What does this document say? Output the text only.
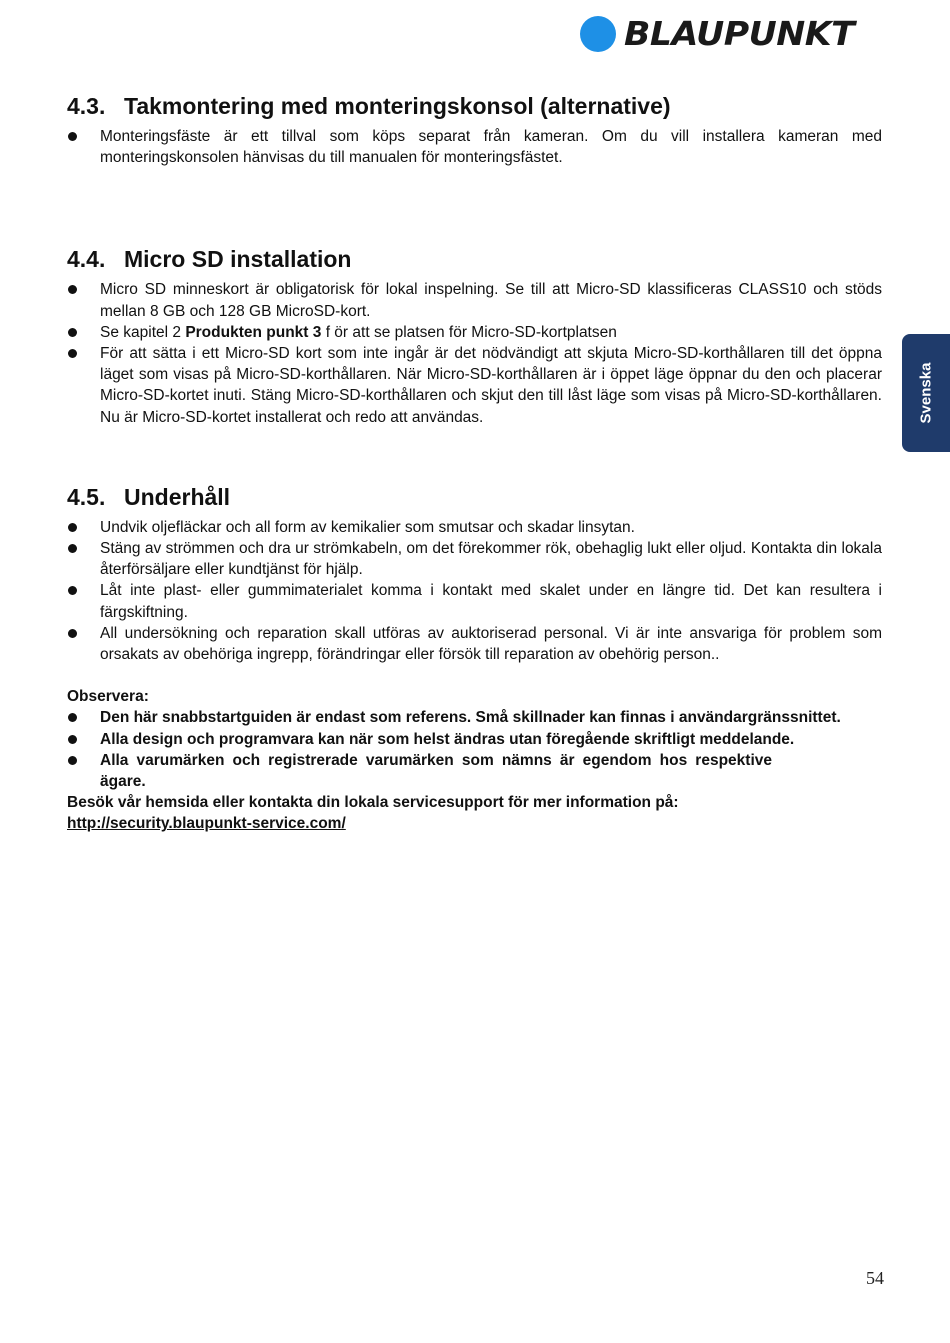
BLAUPUNKT
Svenska
4.3. Takmontering med monteringskonsol (alternative)
Monteringsfäste är ett tillval som köps separat från kameran. Om du vill installera kameran med monteringskonsolen hänvisas du till manualen för monteringsfästet.
4.4. Micro SD installation
Micro SD minneskort är obligatorisk för lokal inspelning. Se till att Micro-SD klassificeras CLASS10 och stöds mellan 8 GB och 128 GB MicroSD-kort.
Se kapitel 2 Produkten punkt 3 f ör att se platsen för Micro-SD-kortplatsen
För att sätta i ett Micro-SD kort som inte ingår är det nödvändigt att skjuta Micro-SD-korthållaren till det öppna läget som visas på Micro-SD-korthållaren. När Micro-SD-korthållaren är i öppet läge öppnar du den och placerar Micro-SD-kortet inuti. Stäng Micro-SD-korthållaren och skjut den till låst läge som visas på Micro-SD-korthållaren. Nu är Micro-SD-kortet installerat och redo att användas.
4.5. Underhåll
Undvik oljefläckar och all form av kemikalier som smutsar och skadar linsytan.
Stäng av strömmen och dra ur strömkabeln, om det förekommer rök, obehaglig lukt eller oljud. Kontakta din lokala återförsäljare eller kundtjänst för hjälp.
Låt inte plast- eller gummimaterialet komma i kontakt med skalet under en längre tid. Det kan resultera i färgskiftning.
All undersökning och reparation skall utföras av auktoriserad personal. Vi är inte ansvariga för problem som orsakats av obehöriga ingrepp, förändringar eller försök till reparation av obehörig person..
Observera:
Den här snabbstartguiden är endast som referens. Små skillnader kan finnas i användargränssnittet.
Alla design och programvara kan när som helst ändras utan föregående skriftligt meddelande.
Alla varumärken och registrerade varumärken som nämns är egendom hos respektive ägare.
Besök vår hemsida eller kontakta din lokala servicesupport för mer information på:
http://security.blaupunkt-service.com/
54
